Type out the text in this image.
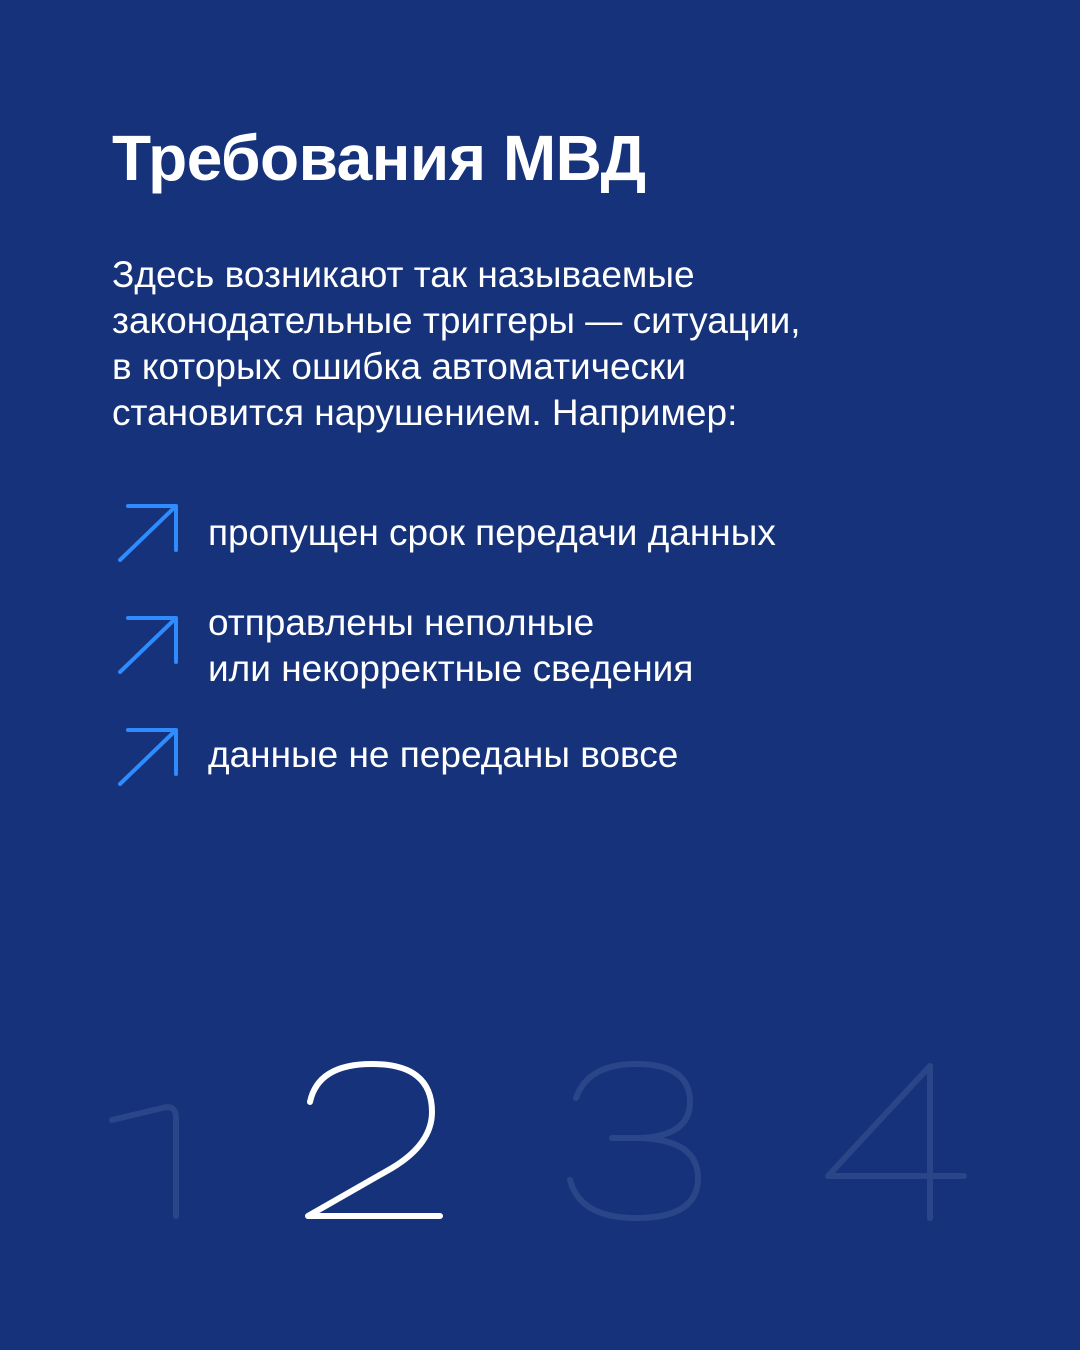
Требования МВД

Здесь возникают так называемые
законодательные триггеры — ситуации,
в которых ошибка автоматически
становится нарушением. Например:

пропущен срок передачи данных
отправлены неполные
или некорректные сведения
данные не переданы вовсе
